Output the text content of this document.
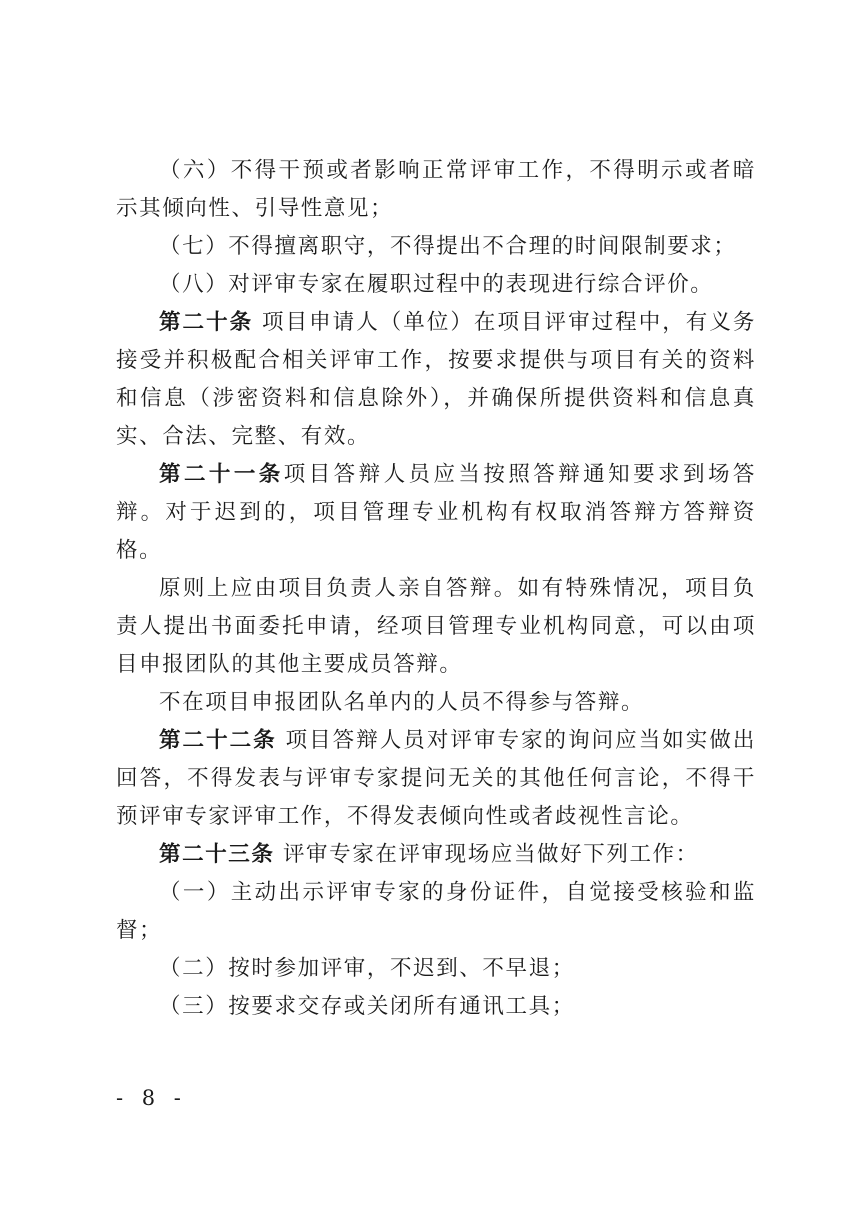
（六）不得干预或者影响正常评审工作，不得明示或者暗示其倾向性、引导性意见；

（七）不得擅离职守，不得提出不合理的时间限制要求；

（八）对评审专家在履职过程中的表现进行综合评价。

第二十条 项目申请人（单位）在项目评审过程中，有义务接受并积极配合相关评审工作，按要求提供与项目有关的资料和信息（涉密资料和信息除外），并确保所提供资料和信息真实、合法、完整、有效。

第二十一条项目答辩人员应当按照答辩通知要求到场答辩。对于迟到的，项目管理专业机构有权取消答辩方答辩资格。

原则上应由项目负责人亲自答辩。如有特殊情况，项目负责人提出书面委托申请，经项目管理专业机构同意，可以由项目申报团队的其他主要成员答辩。

不在项目申报团队名单内的人员不得参与答辩。

第二十二条 项目答辩人员对评审专家的询问应当如实做出回答，不得发表与评审专家提问无关的其他任何言论，不得干预评审专家评审工作，不得发表倾向性或者歧视性言论。

第二十三条 评审专家在评审现场应当做好下列工作：

（一）主动出示评审专家的身份证件，自觉接受核验和监督；

（二）按时参加评审，不迟到、不早退；

（三）按要求交存或关闭所有通讯工具；

- 8 -
